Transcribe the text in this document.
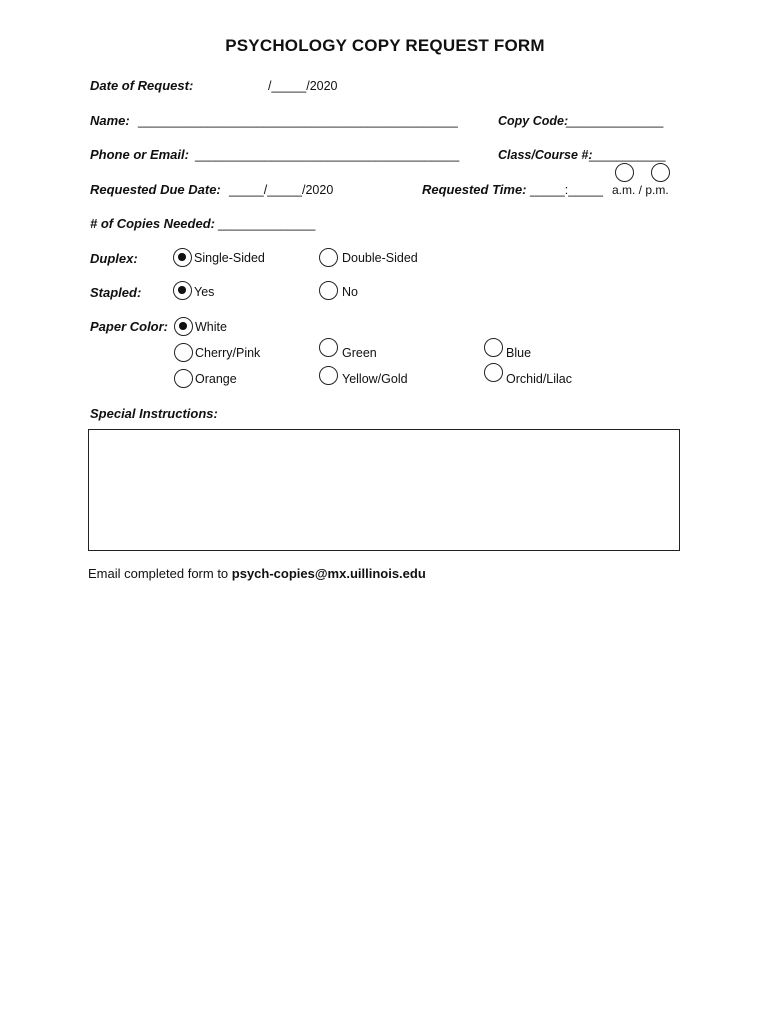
PSYCHOLOGY COPY REQUEST FORM
Date of Request:	/_____/2020
Name: ______________________________________________	Copy Code:
______________
Phone or Email: ______________________________________	Class/Course #:
___________
Requested Due Date: _____/_____/2020	Requested Time: _____:_____ a.m. / p.m.
# of Copies Needed: ______________
Duplex:	Single-Sided	Double-Sided
Stapled:	Yes	No
Paper Color: White
Cherry/Pink	Green	Blue
Orange	Yellow/Gold	Orchid/Lilac
Special Instructions:
Email completed form to psych-copies@mx.uillinois.edu
